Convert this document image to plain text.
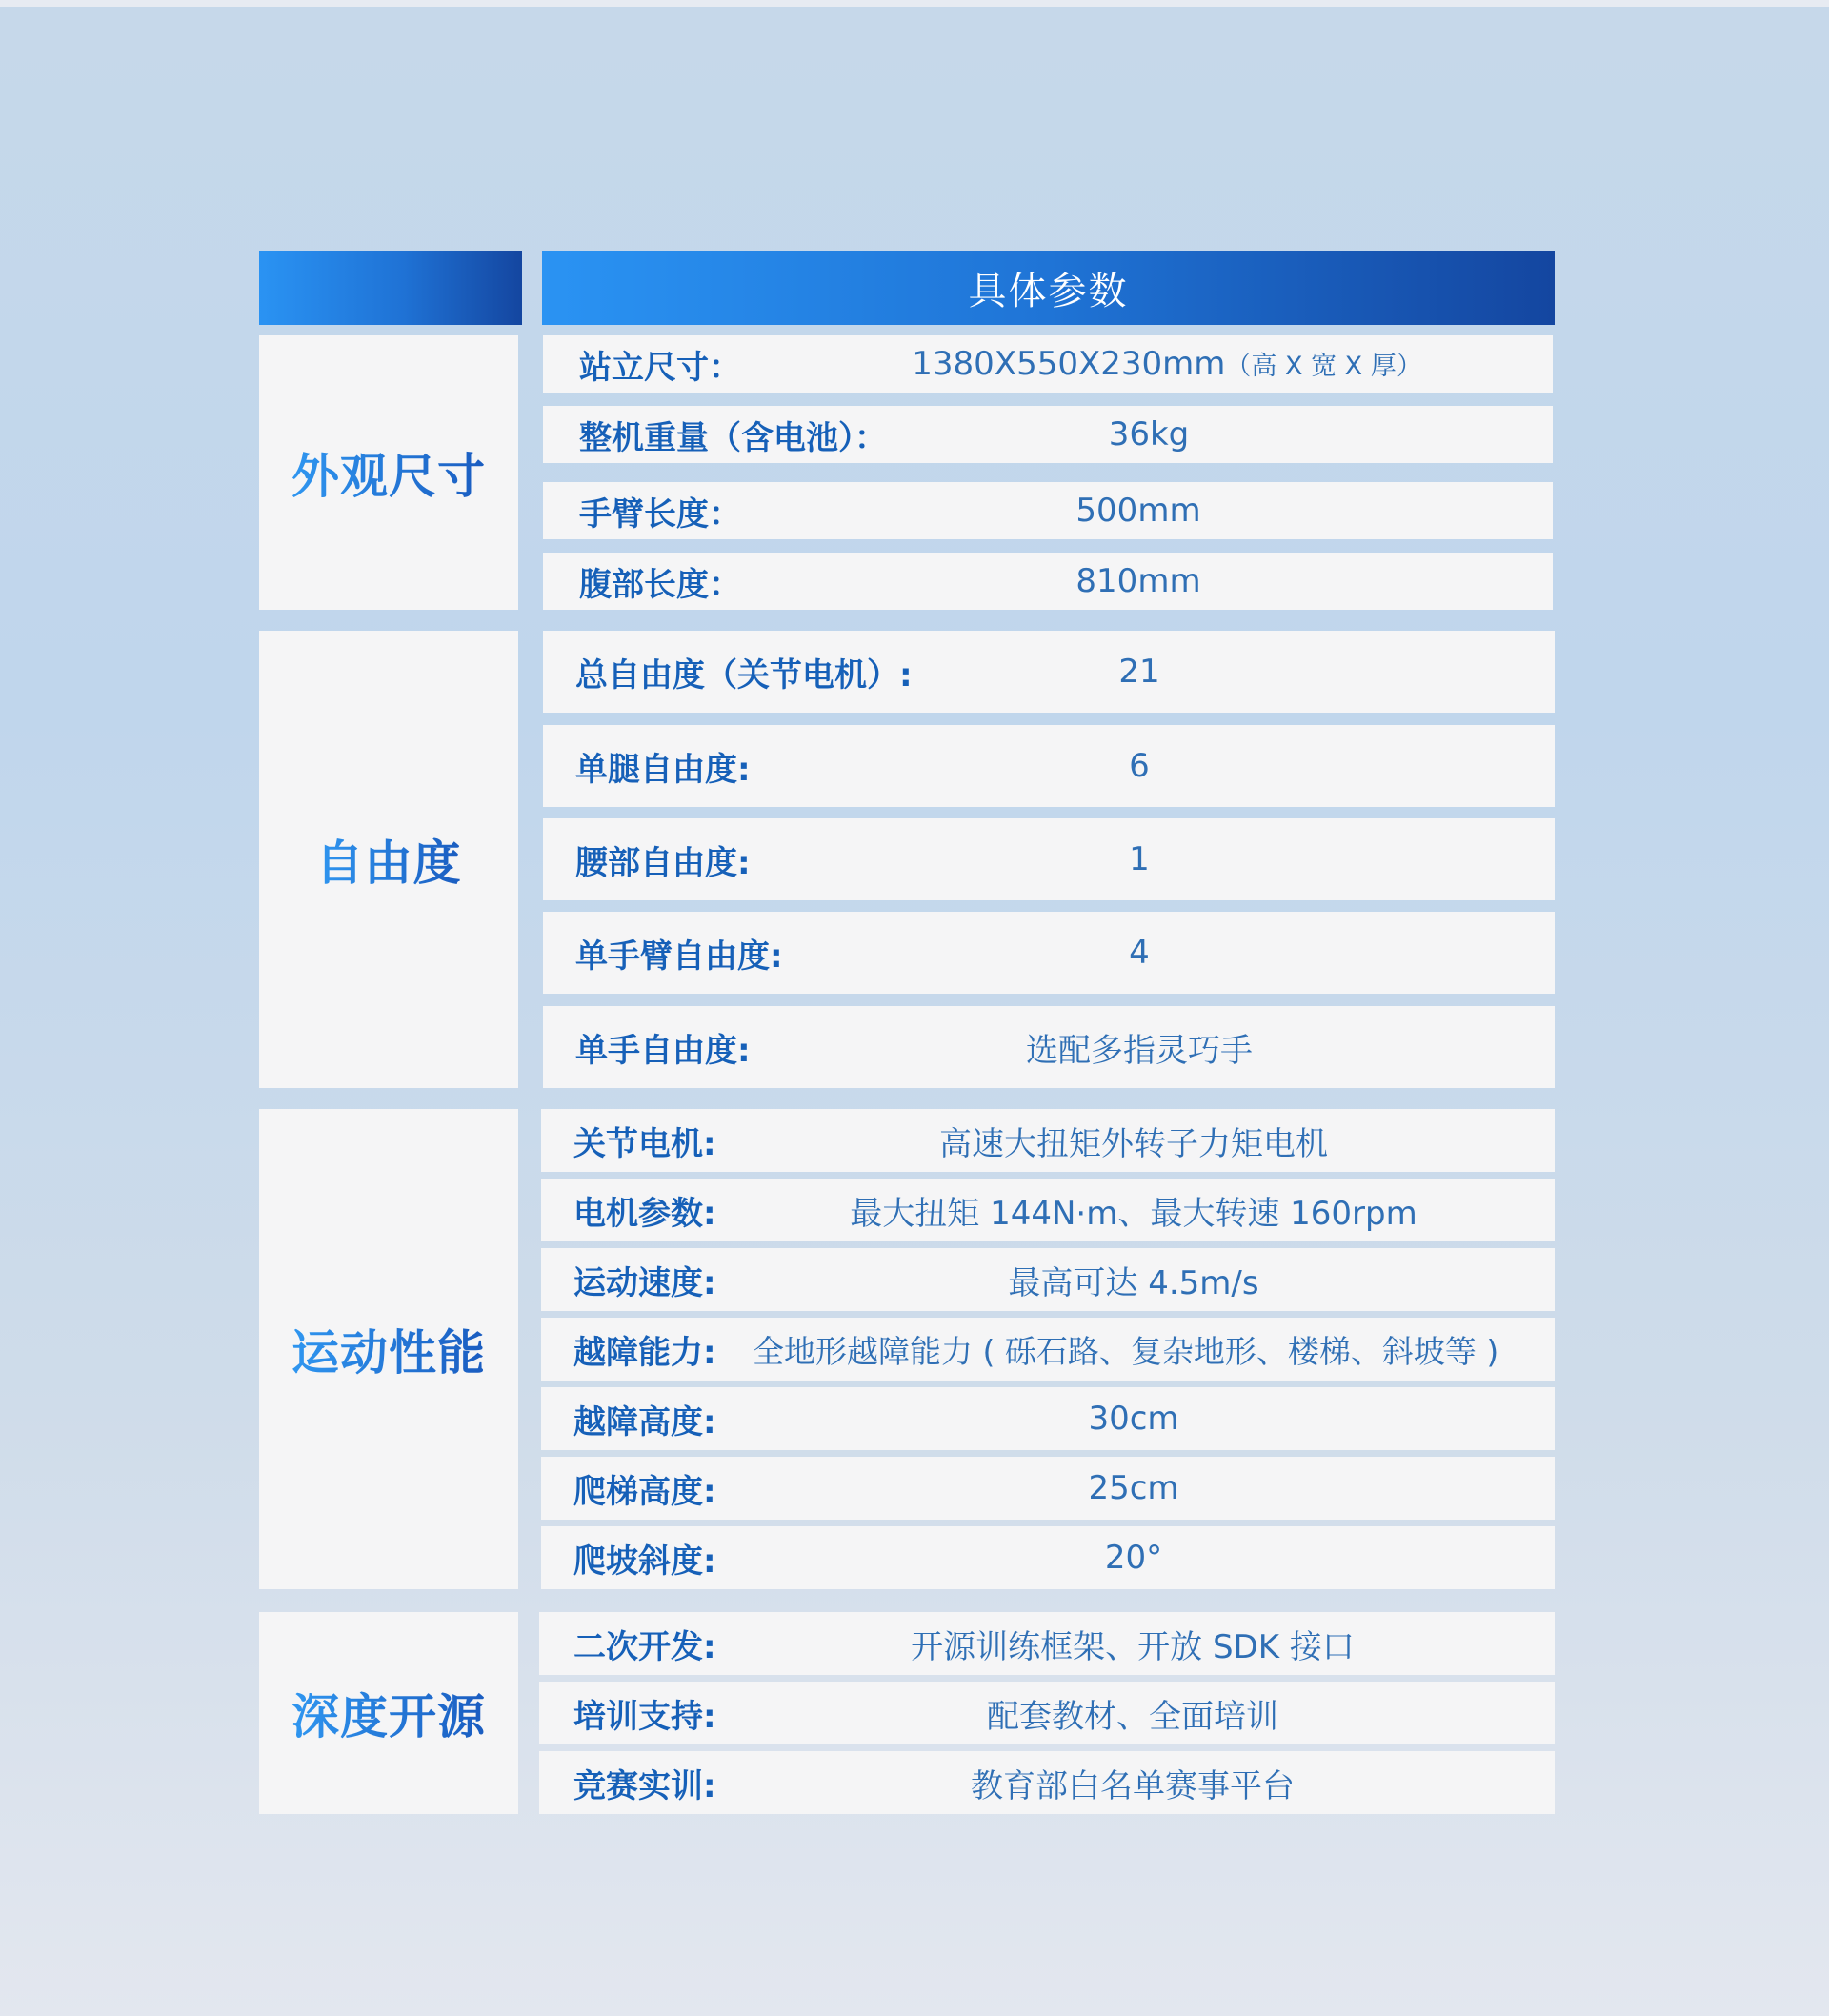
具体参数
外观尺寸
站立尺寸：	1380X550X230mm（高 X 宽 X 厚）
整机重量（含电池）：	36kg
手臂长度：	500mm
腹部长度：	810mm
自由度
总自由度（关节电机）:	21
单腿自由度:	6
腰部自由度:	1
单手臂自由度:	4
单手自由度:	选配多指灵巧手
运动性能
关节电机:	高速大扭矩外转子力矩电机
电机参数:	最大扭矩 144N·m、最大转速 160rpm
运动速度:	最高可达 4.5m/s
越障能力: 全地形越障能力 ( 砾石路、复杂地形、楼梯、斜坡等 )
越障高度:	30cm
爬梯高度:	25cm
爬坡斜度:	20°
深度开源
二次开发:	开源训练框架、开放 SDK 接口
培训支持:	配套教材、全面培训
竞赛实训:	教育部白名单赛事平台
